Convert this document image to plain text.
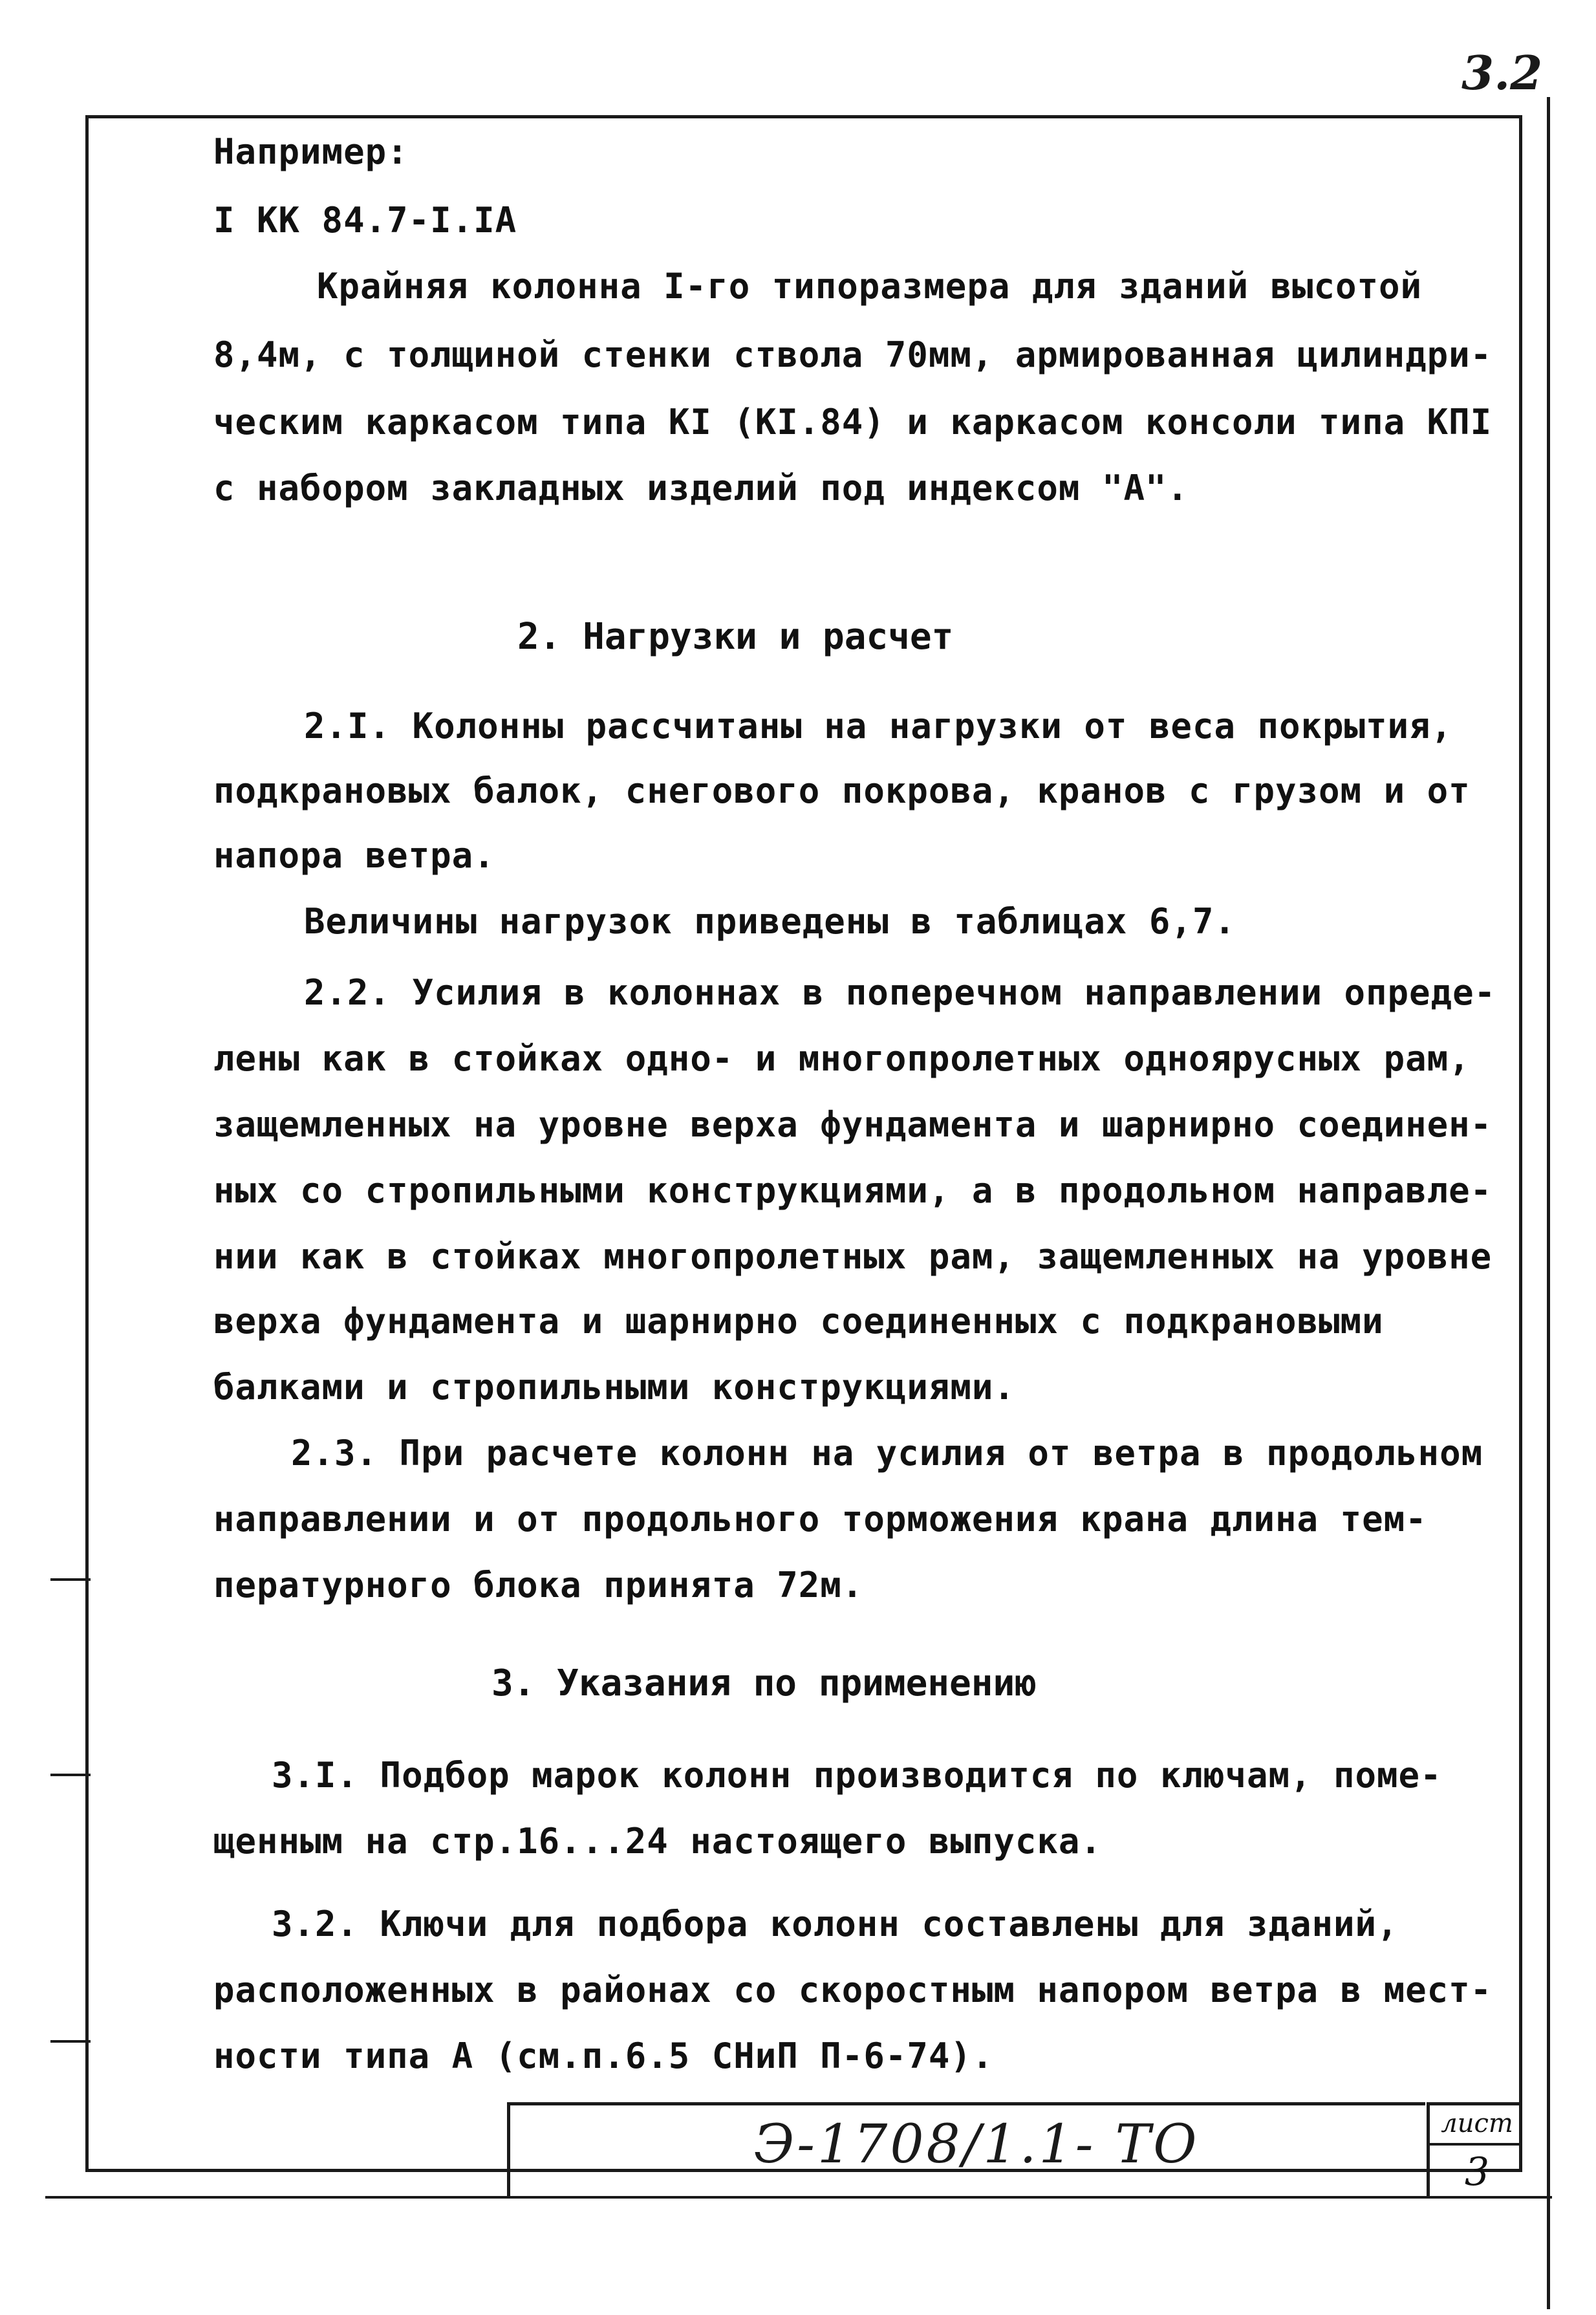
3.2
Например:
I КК 84.7-I.IA
Крайняя колонна I-го типоразмера для зданий высотой
8,4м, с толщиной стенки ствола 70мм, армированная цилиндри-
ческим каркасом типа КI (КI.84) и каркасом консоли типа КПI
с набором закладных изделий под индексом "А".
2. Нагрузки и расчет
2.I. Колонны рассчитаны на нагрузки от веса покрытия,
подкрановых балок, снегового покрова, кранов с грузом и от
напора ветра.
Величины нагрузок приведены в таблицах 6,7.
2.2. Усилия в колоннах в поперечном направлении опреде-
лены как в стойках одно- и многопролетных одноярусных рам,
защемленных на уровне верха фундамента и шарнирно соединен-
ных со стропильными конструкциями, а в продольном направле-
нии как в стойках многопролетных рам, защемленных на уровне
верха фундамента и шарнирно соединенных с подкрановыми
балками и стропильными конструкциями.
2.3. При расчете колонн на усилия от ветра в продольном
направлении и от продольного торможения крана длина тем-
пературного блока принята 72м.
3. Указания по применению
3.I. Подбор марок колонн производится по ключам, поме-
щенным на стр.16...24 настоящего выпуска.
3.2. Ключи для подбора колонн составлены для зданий,
расположенных в районах со скоростным напором ветра в мест-
ности типа А (см.п.6.5 СНиП П-6-74).
Э-1708/1.1- ТО	лист
3
